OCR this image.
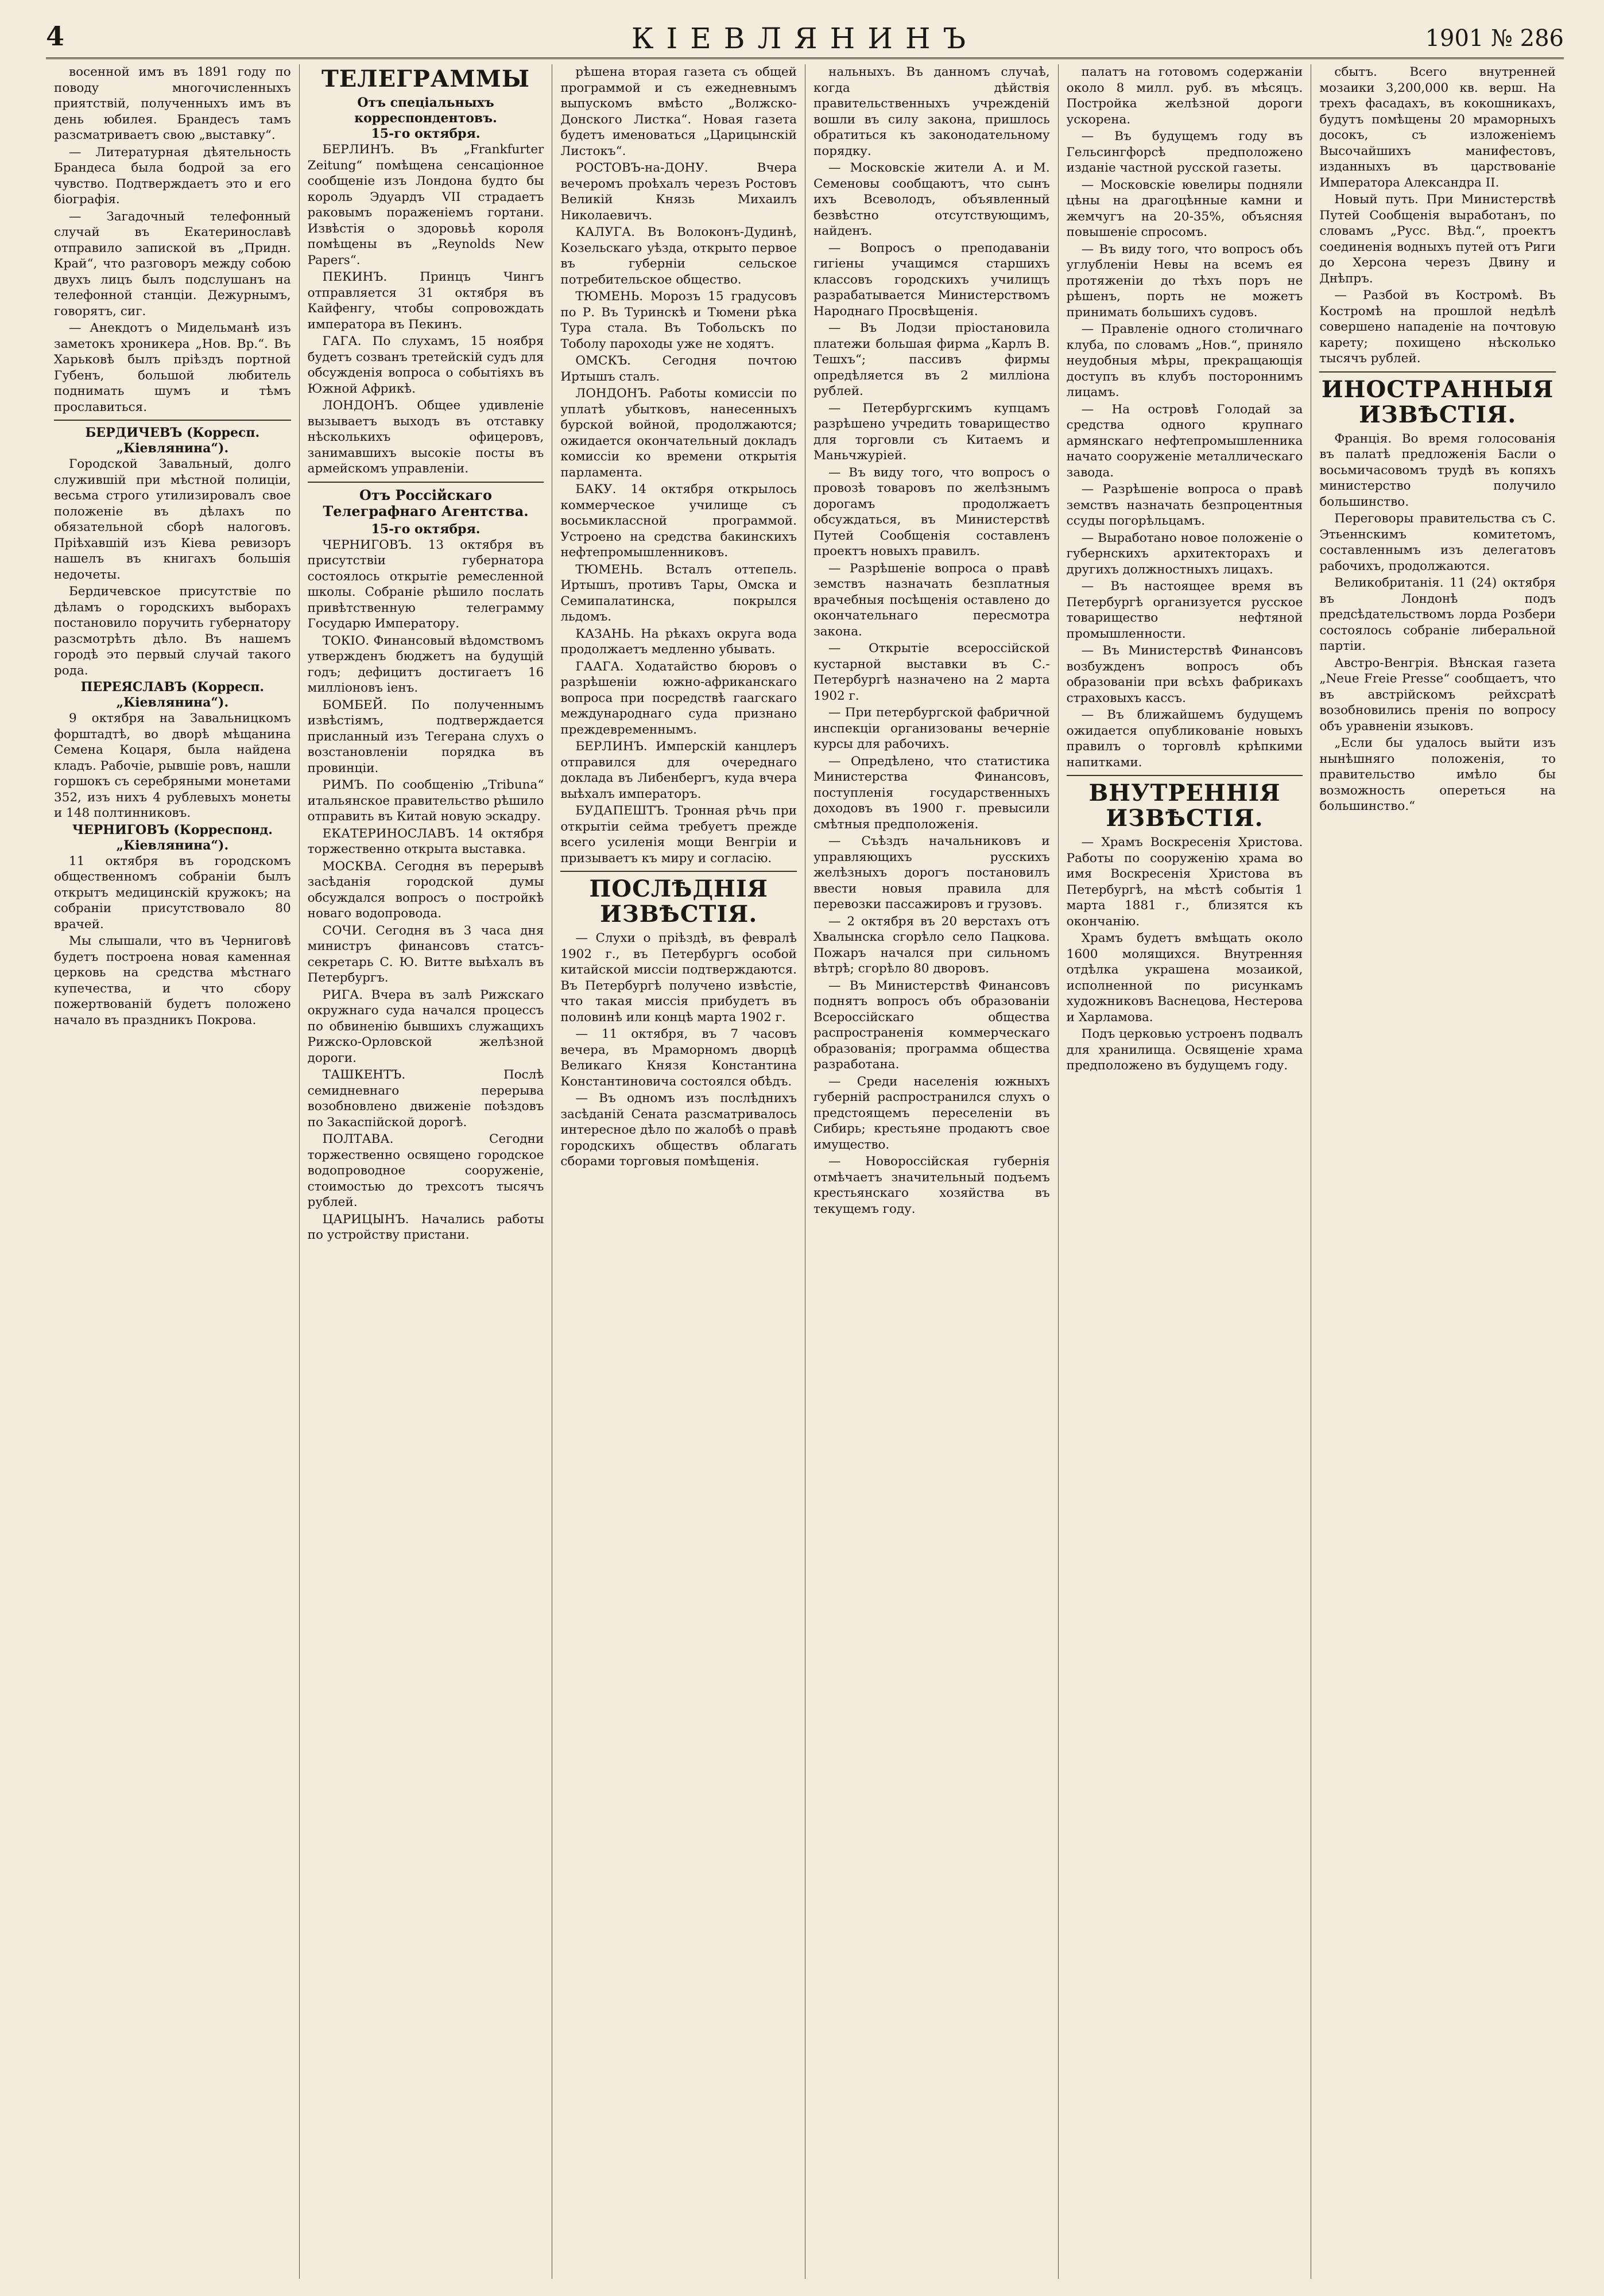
4	КІЕВЛЯНИНЪ	1901 № 286

восенной имъ въ 1891 году по поводу многочисленныхъ приятствій, полученныхъ имъ въ день юбилея. Брандесъ тамъ разсматриваетъ свою „выставку“.

— Литературная дѣятельность Брандеса была бодрой за его чувство. Подтверждаетъ это и его біографія.

— Загадочный телефонный случай въ Екатеринославѣ отправило запиской въ „Придн. Край“, что разговоръ между собою двухъ лицъ былъ подслушанъ на телефонной станціи. Дежурнымъ, говорятъ, сиг.

— Анекдотъ о Мидельманѣ изъ заметокъ хроникера „Нов. Вр.“. Въ Харьковѣ былъ пріѣздъ портной Губенъ, большой любитель поднимать шумъ и тѣмъ прославиться.

БЕРДИЧЕВЪ (Корресп. „Кіевлянина“).

Городской Завальный, долго служившій при мѣстной полиціи, весьма строго утилизировалъ свое положеніе въ дѣлахъ по обязательной сборѣ налоговъ. Пріѣхавшій изъ Кіева ревизоръ нашелъ въ книгахъ большія недочеты.

Бердичевское присутствіе по дѣламъ о городскихъ выборахъ постановило поручить губернатору разсмотрѣть дѣло. Въ нашемъ городѣ это первый случай такого рода.

ПЕРЕЯСЛАВЪ (Корресп. „Кіевлянина“).

9 октября на Завальницкомъ форштадтѣ, во дворѣ мѣщанина Семена Коцаря, была найдена кладъ. Рабочіе, рывшіе ровъ, нашли горшокъ съ серебряными монетами 352, изъ нихъ 4 рублевыхъ монеты и 148 полтинниковъ.

ЧЕРНИГОВЪ (Корреспонд. „Кіевлянина“).

11 октября въ городскомъ общественномъ собраніи былъ открытъ медицинскій кружокъ; на собраніи присутствовало 80 врачей.

Мы слышали, что въ Черниговѣ будетъ построена новая каменная церковь на средства мѣстнаго купечества, и что сбору пожертвованій будетъ положено начало въ праздникъ Покрова.

ТЕЛЕГРАММЫ
Отъ спеціальныхъ корреспондентовъ.
15-го октября.

БЕРЛИНЪ. Въ „Frankfurter Zeitung“ помѣщена сенсаціонное сообщеніе изъ Лондона будто бы король Эдуардъ VII страдаетъ раковымъ пораженіемъ гортани. Извѣстія о здоровьѣ короля помѣщены въ „Reynolds New Papers“.

ПЕКИНЪ. Принцъ Чингъ отправляется 31 октября въ Кайфенгу, чтобы сопровождать императора въ Пекинъ.

ГАГА. По слухамъ, 15 ноября будетъ созванъ третейскій судъ для обсужденія вопроса о событіяхъ въ Южной Африкѣ.

ЛОНДОНЪ. Общее удивленіе вызываетъ выходъ въ отставку нѣсколькихъ офицеровъ, занимавшихъ высокіе посты въ армейскомъ управленіи.

Отъ Россійскаго Телеграфнаго Агентства.
15-го октября.

ЧЕРНИГОВЪ. 13 октября въ присутствіи губернатора состоялось открытіе ремесленной школы. Собраніе рѣшило послать привѣтственную телеграмму Государю Императору.

ТОКІО. Финансовый вѣдомствомъ утвержденъ бюджетъ на будущій годъ; дефицитъ достигаетъ 16 милліоновъ іенъ.

БОМБЕЙ. По полученнымъ извѣстіямъ, подтверждается присланный изъ Тегерана слухъ о возстановленіи порядка въ провинціи.

РИМЪ. По сообщенію „Tribuna“ итальянское правительство рѣшило отправить въ Китай новую эскадру.

ЕКАТЕРИНОСЛАВЪ. 14 октября торжественно открыта выставка.

МОСКВА. Сегодня въ перерывѣ засѣданія городской думы обсуждался вопросъ о постройкѣ новаго водопровода.

СОЧИ. Сегодня въ 3 часа дня министръ финансовъ статсъ-секретарь С. Ю. Витте выѣхалъ въ Петербургъ.

РИГА. Вчера въ залѣ Рижскаго окружнаго суда начался процессъ по обвиненію бывшихъ служащихъ Рижско-Орловской желѣзной дороги.

ТАШКЕНТЪ. Послѣ семидневнаго перерыва возобновлено движеніе поѣздовъ по Закаспійской дорогѣ.

ПОЛТАВА. Сегодни торжественно освящено городское водопроводное сооруженіе, стоимостью до трехсотъ тысячъ рублей.

ЦАРИЦЫНЪ. Начались работы по устройству пристани.

рѣшена вторая газета съ общей программой и съ ежедневнымъ выпускомъ вмѣсто „Волжско-Донского Листка“. Новая газета будетъ именоваться „Царицынскій Листокъ“.

РОСТОВЪ-на-ДОНУ. Вчера вечеромъ проѣхалъ черезъ Ростовъ Великій Князь Михаилъ Николаевичъ.

КАЛУГА. Въ Волоконъ-Дудинѣ, Козельскаго уѣзда, открыто первое въ губерніи сельское потребительское общество.

ТЮМЕНЬ. Морозъ 15 градусовъ по Р. Въ Туринскѣ и Тюмени рѣка Тура стала. Въ Тобольскъ по Тоболу пароходы уже не ходятъ.

ОМСКЪ. Сегодня почтою Иртышъ сталъ.

ЛОНДОНЪ. Работы комиссіи по уплатѣ убытковъ, нанесенныхъ бурской войной, продолжаются; ожидается окончательный докладъ комиссіи ко времени открытія парламента.

БАКУ. 14 октября открылось коммерческое училище съ восьмиклассной программой. Устроено на средства бакинскихъ нефтепромышленниковъ.

ТЮМЕНЬ. Всталъ оттепель. Иртышъ, противъ Тары, Омска и Семипалатинска, покрылся льдомъ.

КАЗАНЬ. На рѣкахъ округа вода продолжаетъ медленно убывать.

ГААГА. Ходатайство бюровъ о разрѣшеніи южно-африканскаго вопроса при посредствѣ гаагскаго международнаго суда признано преждевременнымъ.

БЕРЛИНЪ. Имперскій канцлеръ отправился для очереднаго доклада въ Либенбергъ, куда вчера выѣхалъ императоръ.

БУДАПЕШТЪ. Тронная рѣчь при открытіи сейма требуетъ прежде всего усиленія мощи Венгріи и призываетъ къ миру и согласію.

ПОСЛѢДНІЯ ИЗВѢСТІЯ.

— Слухи о пріѣздѣ, въ февралѣ 1902 г., въ Петербургъ особой китайской миссіи подтверждаются. Въ Петербургѣ получено извѣстіе, что такая миссія прибудетъ въ половинѣ или концѣ марта 1902 г.

— 11 октября, въ 7 часовъ вечера, въ Мраморномъ дворцѣ Великаго Князя Константина Константиновича состоялся обѣдъ.

— Въ одномъ изъ послѣднихъ засѣданій Сената разсматривалось интересное дѣло по жалобѣ о правѣ городскихъ обществъ облагать сборами торговыя помѣщенія.

нальныхъ. Въ данномъ случаѣ, когда дѣйствія правительственныхъ учрежденій вошли въ силу закона, пришлось обратиться къ законодательному порядку.

— Московскіе жители А. и М. Семеновы сообщаютъ, что сынъ ихъ Всеволодъ, объявленный безвѣстно отсутствующимъ, найденъ.

— Вопросъ о преподаваніи гигіены учащимся старшихъ классовъ городскихъ училищъ разрабатывается Министерствомъ Народнаго Просвѣщенія.

— Въ Лодзи пріостановила платежи большая фирма „Карлъ В. Тешхъ“; пассивъ фирмы опредѣляется въ 2 милліона рублей.

— Петербургскимъ купцамъ разрѣшено учредить товарищество для торговли съ Китаемъ и Маньчжуріей.

— Въ виду того, что вопросъ о провозѣ товаровъ по желѣзнымъ дорогамъ продолжаетъ обсуждаться, въ Министерствѣ Путей Сообщенія составленъ проектъ новыхъ правилъ.

— Разрѣшеніе вопроса о правѣ земствъ назначать безплатныя врачебныя посѣщенія оставлено до окончательнаго пересмотра закона.

— Открытіе всероссійской кустарной выставки въ С.-Петербургѣ назначено на 2 марта 1902 г.

— При петербургской фабричной инспекціи организованы вечерніе курсы для рабочихъ.

— Опредѣлено, что статистика Министерства Финансовъ, поступленія государственныхъ доходовъ въ 1900 г. превысили смѣтныя предположенія.

— Съѣздъ начальниковъ и управляющихъ русскихъ желѣзныхъ дорогъ постановилъ ввести новыя правила для перевозки пассажировъ и грузовъ.

— 2 октября въ 20 верстахъ отъ Хвалынска сгорѣло село Пацкова. Пожаръ начался при сильномъ вѣтрѣ; сгорѣло 80 дворовъ.

— Въ Министерствѣ Финансовъ поднятъ вопросъ объ образованіи Всероссійскаго общества распространенія коммерческаго образованія; программа общества разработана.

— Среди населенія южныхъ губерній распространился слухъ о предстоящемъ переселеніи въ Сибирь; крестьяне продаютъ свое имущество.

— Новороссійская губернія отмѣчаетъ значительный подъемъ крестьянскаго хозяйства въ текущемъ году.

палатъ на готовомъ содержаніи около 8 милл. руб. въ мѣсяцъ. Постройка желѣзной дороги ускорена.

— Въ будущемъ году въ Гельсингфорсѣ предположено изданіе частной русской газеты.

— Московскіе ювелиры подняли цѣны на драгоцѣнные камни и жемчугъ на 20-35%, объясняя повышеніе спросомъ.

— Въ виду того, что вопросъ объ углубленіи Невы на всемъ ея протяженіи до тѣхъ поръ не рѣшенъ, порть не можетъ принимать большихъ судовъ.

— Правленіе одного столичнаго клуба, по словамъ „Нов.“, приняло неудобныя мѣры, прекращающія доступъ въ клубъ постороннимъ лицамъ.

— На островѣ Голодай за средства одного крупнаго армянскаго нефтепромышленника начато сооруженіе металлическаго завода.

— Разрѣшеніе вопроса о правѣ земствъ назначать безпроцентныя ссуды погорѣльцамъ.

— Выработано новое положеніе о губернскихъ архитекторахъ и другихъ должностныхъ лицахъ.

— Въ настоящее время въ Петербургѣ организуется русское товарищество нефтяной промышленности.

— Въ Министерствѣ Финансовъ возбужденъ вопросъ объ образованіи при всѣхъ фабрикахъ страховыхъ кассъ.

— Въ ближайшемъ будущемъ ожидается опубликованіе новыхъ правилъ о торговлѣ крѣпкими напитками.

ВНУТРЕННІЯ ИЗВѢСТІЯ.

— Храмъ Воскресенія Христова. Работы по сооруженію храма во имя Воскресенія Христова въ Петербургѣ, на мѣстѣ событія 1 марта 1881 г., близятся къ окончанію.

Храмъ будетъ вмѣщать около 1600 молящихся. Внутренняя отдѣлка украшена мозаикой, исполненной по рисункамъ художниковъ Васнецова, Нестерова и Харламова.

Подъ церковью устроенъ подвалъ для хранилища. Освященіе храма предположено въ будущемъ году.

сбытъ. Всего внутренней мозаики 3,200,000 кв. верш. На трехъ фасадахъ, въ кокошникахъ, будутъ помѣщены 20 мраморныхъ досокъ, съ изложеніемъ Высочайшихъ манифестовъ, изданныхъ въ царствованіе Императора Александра II.

Новый путь. При Министерствѣ Путей Сообщенія выработанъ, по словамъ „Русс. Вѣд.“, проектъ соединенія водныхъ путей отъ Риги до Херсона черезъ Двину и Днѣпръ.

— Разбой въ Костромѣ. Въ Костромѣ на прошлой недѣлѣ совершено нападеніе на почтовую карету; похищено нѣсколько тысячъ рублей.

ИНОСТРАННЫЯ ИЗВѢСТІЯ.

Франція. Во время голосованія въ палатѣ предложенія Басли о восьмичасовомъ трудѣ въ копяхъ министерство получило большинство.

Переговоры правительства съ С. Этьеннскимъ комитетомъ, составленнымъ изъ делегатовъ рабочихъ, продолжаются.

Великобританія. 11 (24) октября въ Лондонѣ подъ предсѣдательствомъ лорда Розбери состоялось собраніе либеральной партіи.

Австро-Венгрія. Вѣнская газета „Neue Freie Presse“ сообщаетъ, что въ австрійскомъ рейхсратѣ возобновились пренія по вопросу объ уравненіи языковъ.

„Если бы удалось выйти изъ нынѣшняго положенія, то правительство имѣло бы возможность опереться на большинство.“
